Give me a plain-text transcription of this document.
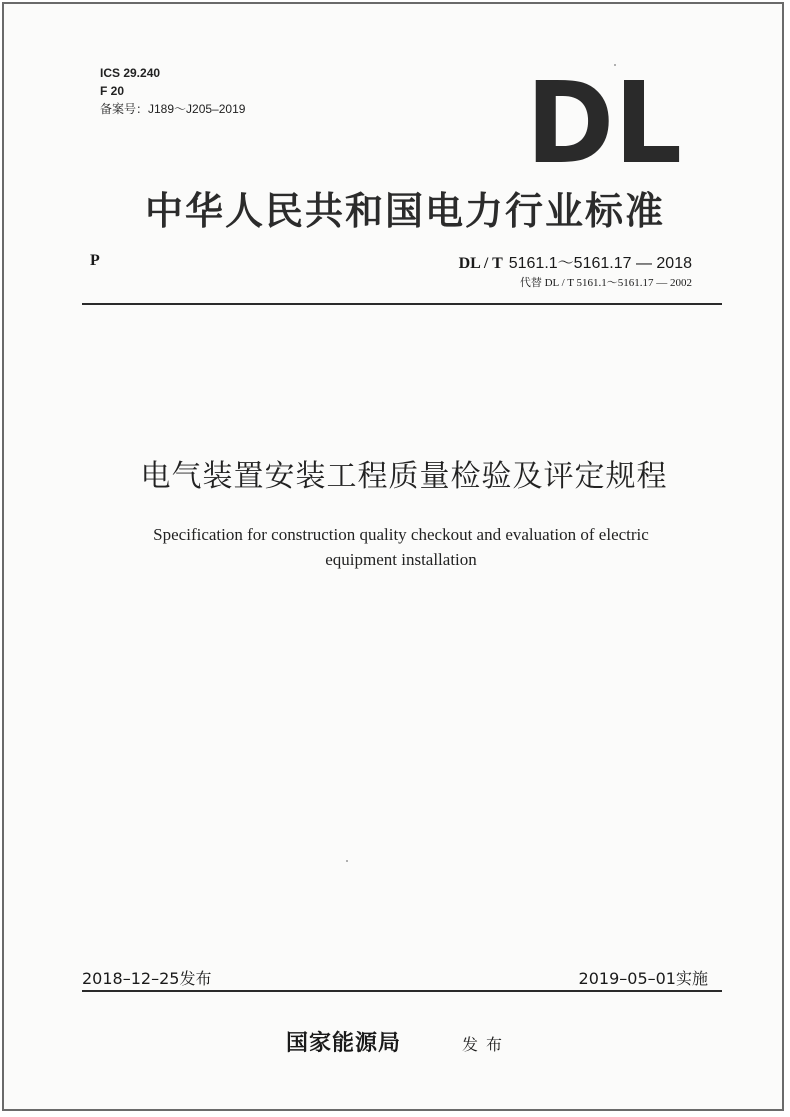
ICS 29.240
F 20
备案号：J189～J205–2019	DL
中华人民共和国电力行业标准
P	DL / T 5161.1～5161.17 — 2018
代替 DL / T 5161.1～5161.17 — 2002
电气装置安装工程质量检验及评定规程
Specification for construction quality checkout and evaluation of electric
equipment installation
2018–12–25发布	2019–05–01实施
国家能源局	发布
